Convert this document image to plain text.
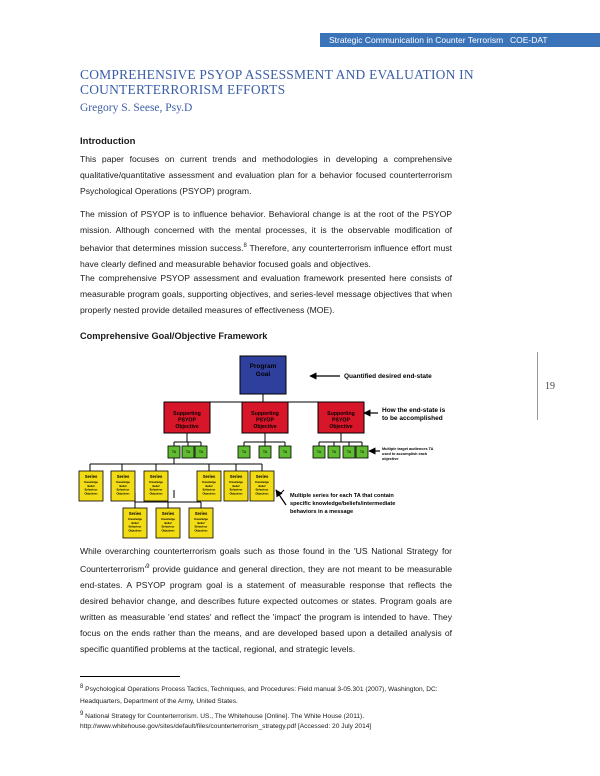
Strategic Communication in Counter Terrorism COE-DAT
COMPREHENSIVE PSYOP ASSESSMENT AND EVALUATION IN COUNTERTERRORISM EFFORTS
Gregory S. Seese, Psy.D
Introduction
This paper focuses on current trends and methodologies in developing a comprehensive qualitative/quantitative assessment and evaluation plan for a behavior focused counterterrorism Psychological Operations (PSYOP) program.
The mission of PSYOP is to influence behavior. Behavioral change is at the root of the PSYOP mission. Although concerned with the mental processes, it is the observable modification of behavior that determines mission success.$^8$ Therefore, any counterterrorism influence effort must have clearly defined and measurable behavior focused goals and objectives.
The comprehensive PSYOP assessment and evaluation framework presented here consists of measurable program goals, supporting objectives, and series-level message objectives that when properly nested provide detailed measures of effectiveness (MOE).
Comprehensive Goal/Objective Framework
Program Goal
Supporting PSYOP Objective
Supporting PSYOP Objective
Supporting PSYOP Objective
TA	TA TA	TA	TA	TA	TA	TA	TA TA
Series	Series	Series	Series	Series	Series
Series	Series	Series
Knowledge Belief Behaviour Objectives
Knowledge Belief Behaviour Objectives
Knowledge Belief Behaviour Objectives
Knowledge Belief Behaviour Objectives
Knowledge Belief Behaviour Objectives
Knowledge Belief Behaviour Objectives
Knowledge Belief Behaviour Objectives
Knowledge Belief Behaviour Objectives
Knowledge Belief Behaviour Objectives
Quantified desired end-state
How the end-state is
to be accomplished
Multiple target audiences TA
used to accomplish each
objective
Multiple series for each TA that contain
specific knowledge/beliefs/intermediate
behaviors in a message
While overarching counterterrorism goals such as those found in the 'US National Strategy for $Counterterrorism'^9$ provide guidance and general direction, they are not meant to be measurable end-states. A PSYOP program goal is a statement of measurable response that reflects the desired behavior change, and describes future expected outcomes or states. Program goals are written as measurable 'end states' and reflect the 'impact' the program is intended to have. They focus on the ends rather than the means, and are developed based upon a detailed analysis of specific quantified problems at the tactical, regional, and strategic levels.
19
8 Psychological Operations Process Tactics, Techniques, and Procedures: Field manual 3-05.301 (2007), Washington, DC: Headquarters, Department of the Army, United States.
9 National Strategy for Counterterrorism. US., The Whitehouse [Online]. The White House (2011).
http://www.whitehouse.gov/sites/default/files/counterterrorism_strategy.pdf [Accessed: 20 July 2014]
